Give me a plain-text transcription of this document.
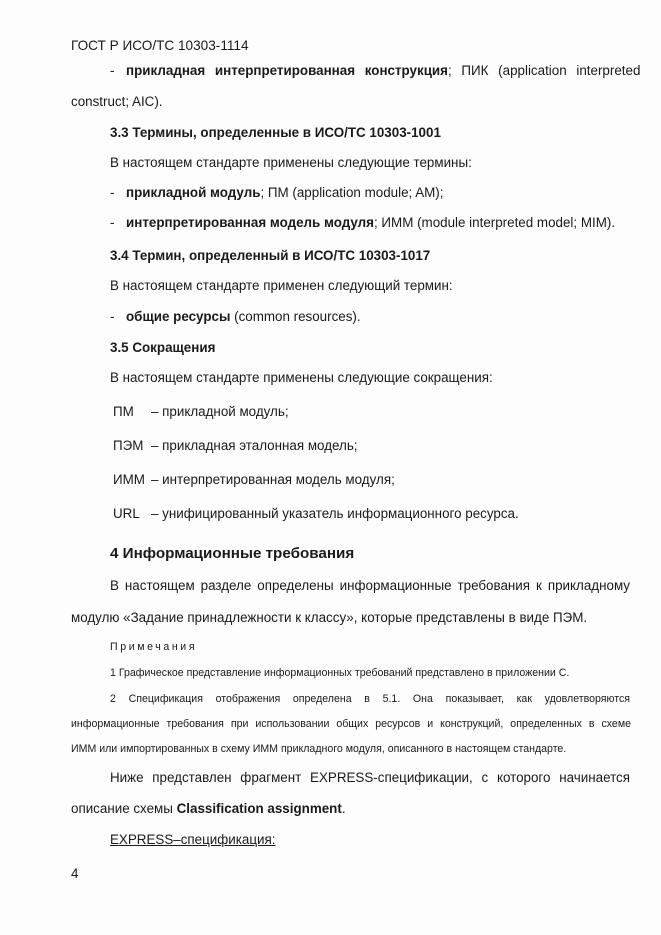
ГОСТ Р ИСО/ТС 10303-1114
- прикладная интерпретированная конструкция ; ПИК (application interpreted
construct; AIC).
3.3 Термины, определенные в ИСО/ТС 10303-1001
В настоящем стандарте применены следующие термины:
- прикладной модуль; ПМ (application module; AM);
- интерпретированная модель модуля; ИММ (module interpreted model; MIM).
3.4 Термин, определенный в ИСО/ТС 10303-1017
В настоящем стандарте применен следующий термин:
- общие ресурсы (common resources).
3.5 Сокращения
В настоящем стандарте применены следующие сокращения:
ПМ – прикладной модуль;
ПЭМ – прикладная эталонная модель;
ИММ – интерпретированная модель модуля;
URL – унифицированный указатель информационного ресурса.
4 Информационные требования
В настоящем разделе определены информационные требования к прикладному
модулю «Задание принадлежности к классу», которые представлены в виде ПЭМ.
Примечания
1 Графическое представление информационных требований представлено в приложении С.
2 Спецификация отображения определена в 5.1. Она показывает, как удовлетворяются
информационные требования при использовании общих ресурсов и конструкций, определенных в схеме
ИММ или импортированных в схему ИММ прикладного модуля, описанного в настоящем стандарте.
Ниже представлен фрагмент EXPRESS-спецификации, с которого начинается
описание схемы Classification assignment.
EXPRESS–спецификация:
4
